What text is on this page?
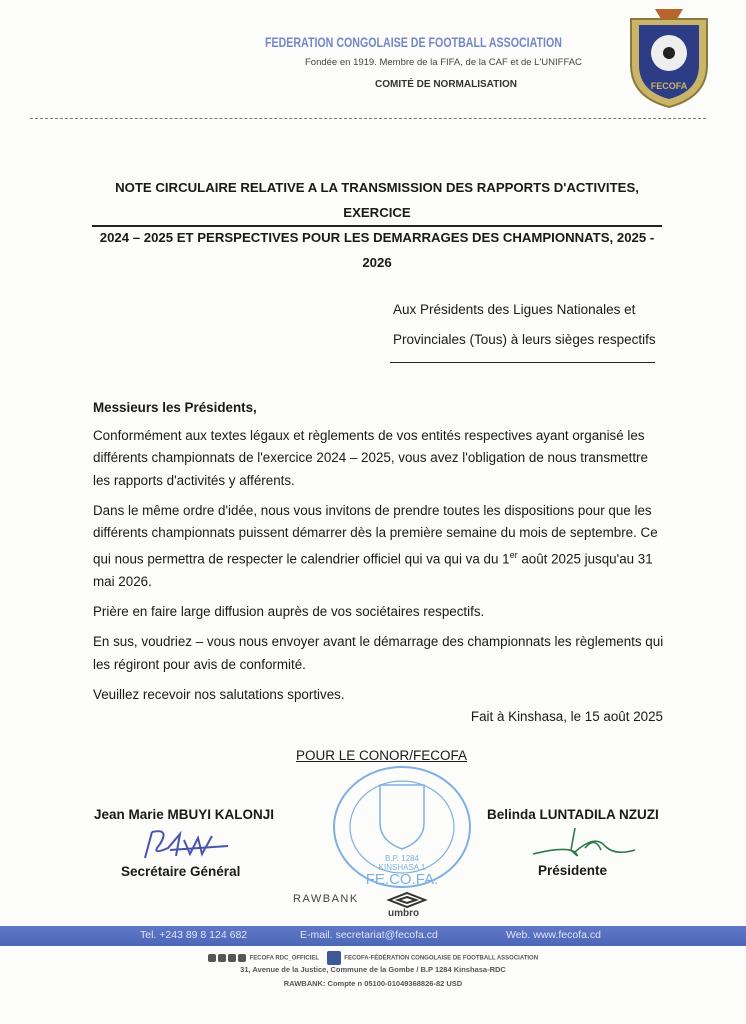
FEDERATION CONGOLAISE DE FOOTBALL ASSOCIATION
Fondée en 1919. Membre de la FIFA, de la CAF et de L'UNIFFAC
COMITÉ DE NORMALISATION	FECOFA
NOTE CIRCULAIRE RELATIVE A LA TRANSMISSION DES RAPPORTS D'ACTIVITES, EXERCICE
2024 – 2025 ET PERSPECTIVES POUR LES DEMARRAGES DES CHAMPIONNATS, 2025 - 2026
Aux Présidents des Ligues Nationales et
Provinciales (Tous) à leurs sièges respectifs

Messieurs les Présidents,

Conformément aux textes légaux et règlements de vos entités respectives ayant organisé les différents championnats de l'exercice 2024 – 2025, vous avez l'obligation de nous transmettre les rapports d'activités y afférents.

Dans le même ordre d'idée, nous vous invitons de prendre toutes les dispositions pour que les différents championnats puissent démarrer dès la première semaine du mois de septembre. Ce qui nous permettra de respecter le calendrier officiel qui va qui va du 1er août 2025 jusqu'au 31 mai 2026.

Prière en faire large diffusion auprès de vos sociétaires respectifs.

En sus, voudriez – vous nous envoyer avant le démarrage des championnats les règlements qui les régiront pour avis de conformité.

Veuillez recevoir nos salutations sportives.

Fait à Kinshasa, le 15 août 2025
POUR LE CONOR/FECOFA
B.P. 1284
KINSHASA 1
FE.CO.FA.
Jean Marie MBUYI KALONJI
Secrétaire Général
Belinda LUNTADILA NZUZI
Présidente
RAWBANK
umbro
Tel. +243 89 8 124 682	E-mail. secretariat@fecofa.cd	Web. www.fecofa.cd
FECOFA RDC_OFFICIEL	FECOFA-FÉDÉRATION CONGOLAISE DE FOOTBALL ASSOCIATION
31, Avenue de la Justice, Commune de la Gombe / B.P 1284 Kinshasa-RDC
RAWBANK: Compte n 05100-01049368826-82 USD
